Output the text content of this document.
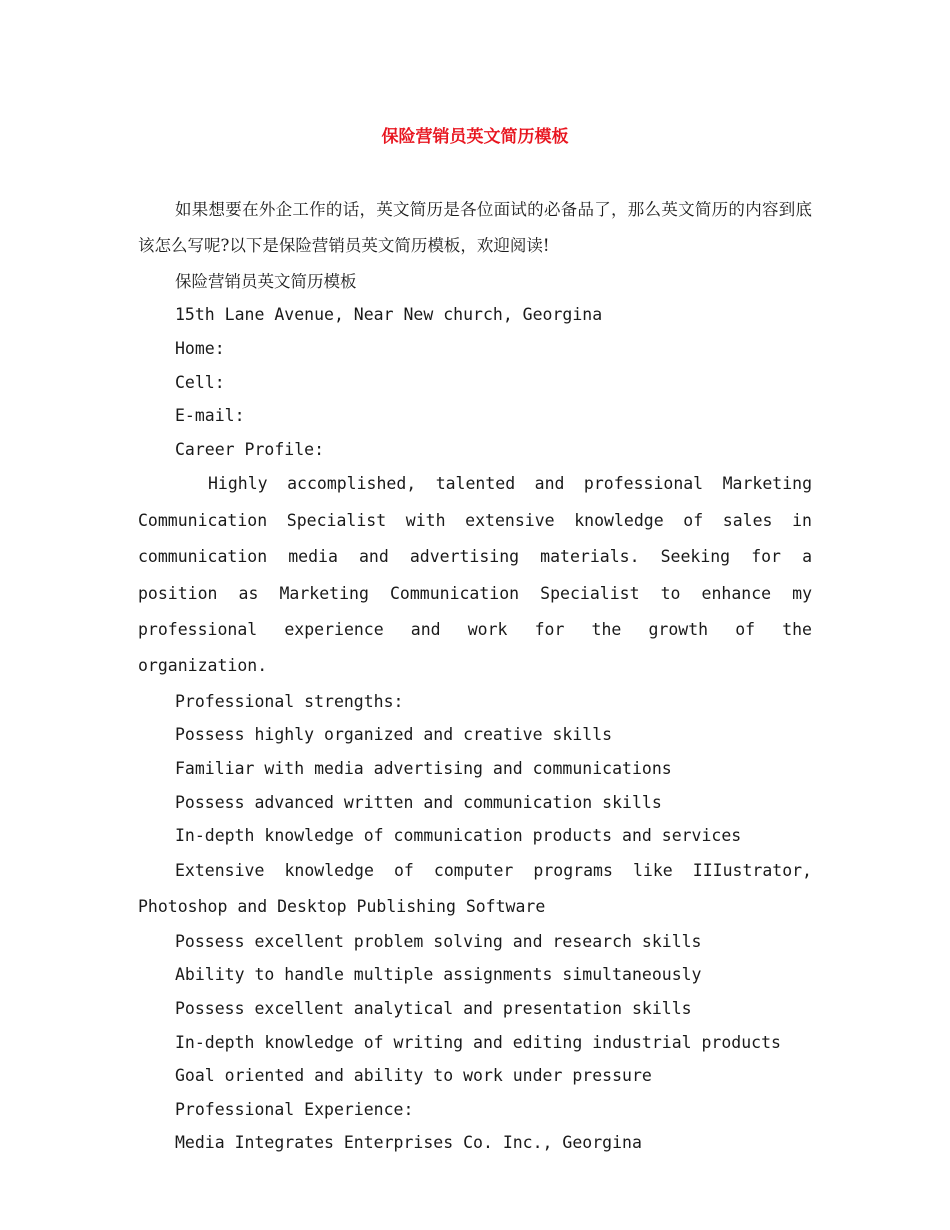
保险营销员英文简历模板

如果想要在外企工作的话，英文简历是各位面试的必备品了，那么英文简历的内容到底该怎么写呢?以下是保险营销员英文简历模板，欢迎阅读!

保险营销员英文简历模板

15th Lane Avenue, Near New church, Georgina

Home:

Cell:

E-mail:

Career Profile:

Highly accomplished, talented and professional Marketing Communication Specialist with extensive knowledge of sales in communication media and advertising materials. Seeking for a position as Marketing Communication Specialist to enhance my professional experience and work for the growth of the organization.

Professional strengths:

Possess highly organized and creative skills

Familiar with media advertising and communications

Possess advanced written and communication skills

In-depth knowledge of communication products and services

Extensive knowledge of computer programs like IIIustrator, Photoshop and Desktop Publishing Software

Possess excellent problem solving and research skills

Ability to handle multiple assignments simultaneously

Possess excellent analytical and presentation skills

In-depth knowledge of writing and editing industrial products

Goal oriented and ability to work under pressure

Professional Experience:

Media Integrates Enterprises Co. Inc., Georgina
